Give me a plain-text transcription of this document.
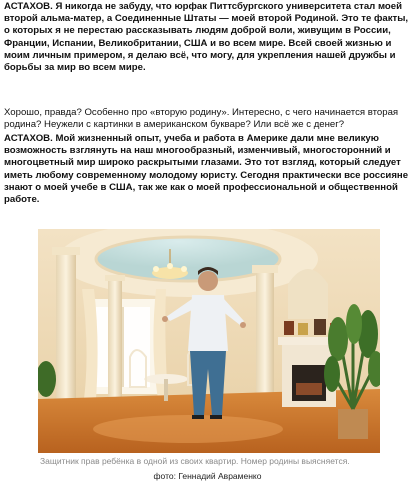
АСТАХОВ. Я никогда не забуду, что юрфак Питтсбургского университета стал моей второй альма-матер, а Соединенные Штаты — моей второй Родиной. Это те факты, о которых я не перестаю рассказывать людям доброй воли, живущим в России, Франции, Испании, Великобритании, США и во всем мире. Всей своей жизнью и моим личным примером, я делаю всё, что могу, для укрепления нашей дружбы и борьбы за мир во всем мире.

Хорошо, правда? Особенно про «вторую родину». Интересно, с чего начинается вторая родина? Неужели с картинки в американском букваре? Или всё же с денег?

АСТАХОВ. Мой жизненный опыт, учеба и работа в Америке дали мне великую возможность взглянуть на наш многообразный, изменчивый, многосторонний и многоцветный мир широко раскрытыми глазами. Это тот взгляд, который следует иметь любому современному молодому юристу. Сегодня практически все россияне знают о моей учебе в США, так же как о моей профессиональной и общественной работе.

Защитник прав ребёнка в одной из своих квартир. Номер родины выясняется.
фото: Геннадий Авраменко
